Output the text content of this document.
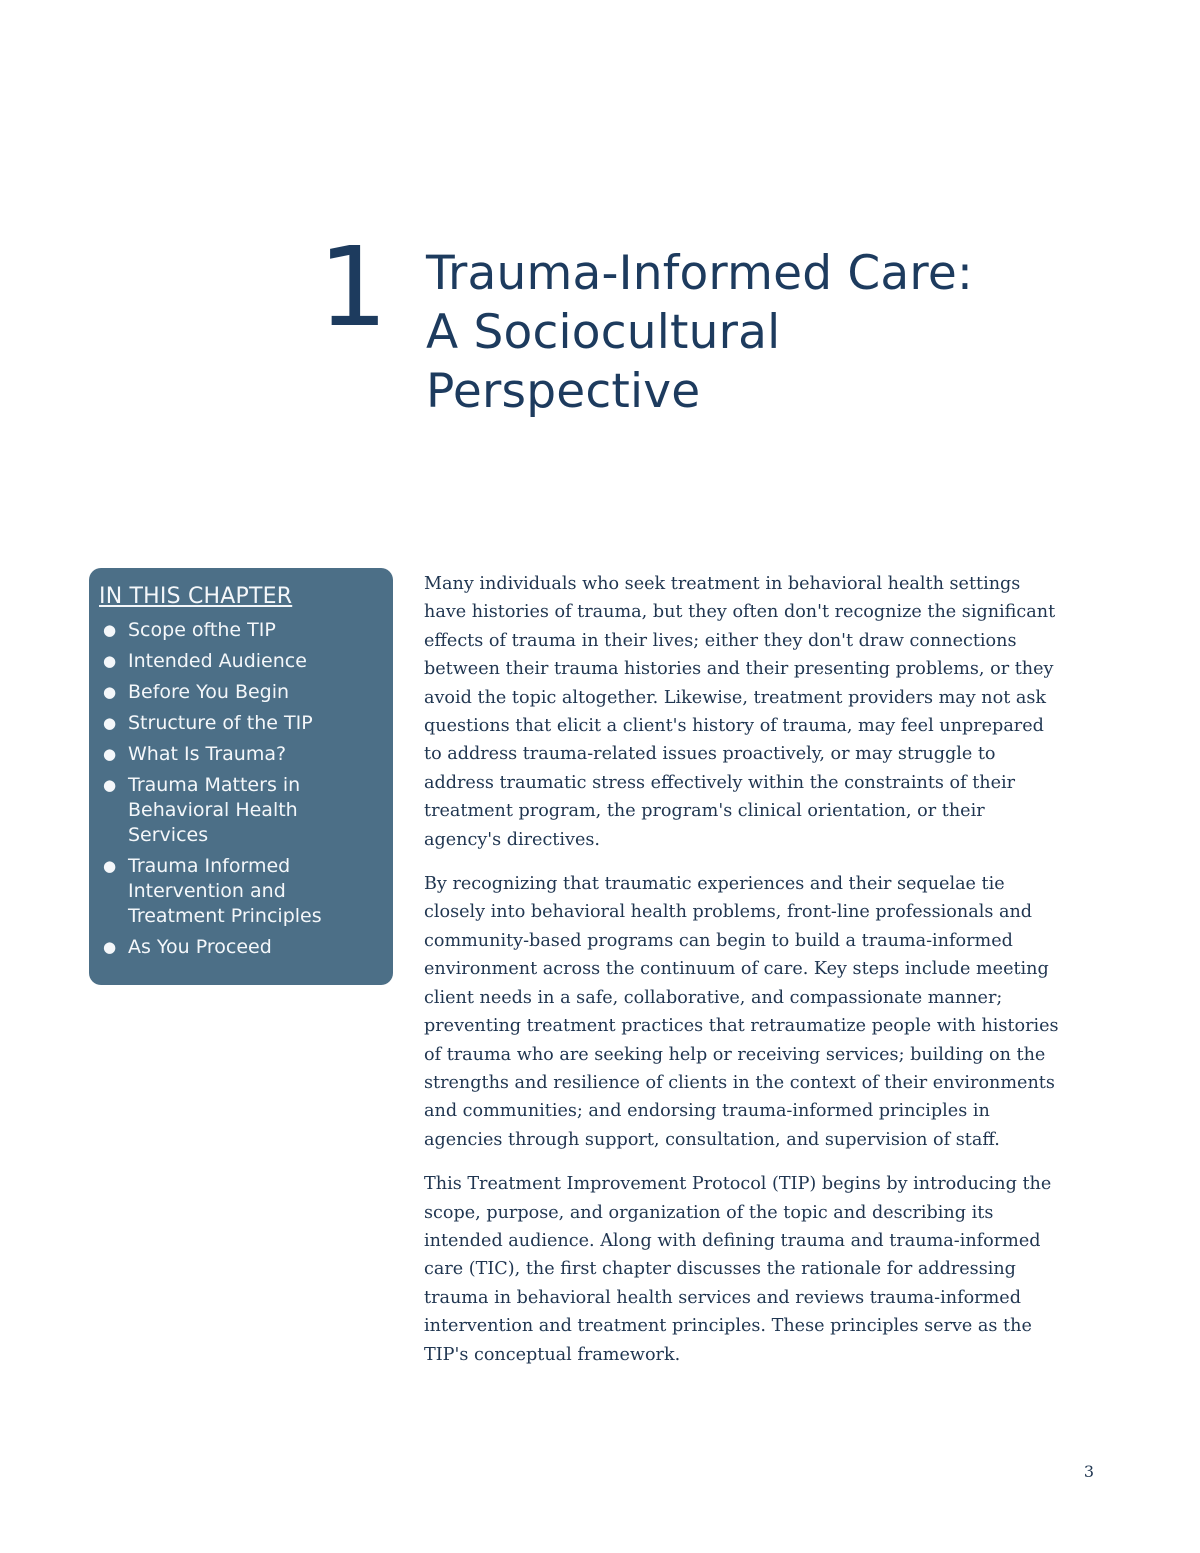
1 Trauma-Informed Care:
A Sociocultural
Perspective
IN THIS CHAPTER
● Scope ofthe TIP
● Intended Audience
● Before You Begin
● Structure of the TIP
● What Is Trauma?
● Trauma Matters in Behavioral Health Services
● Trauma Informed Intervention and Treatment Principles
● As You Proceed

Many individuals who seek treatment in behavioral health settings have histories of trauma, but they often don't recognize the significant effects of trauma in their lives; either they don't draw connections between their trauma histories and their presenting problems, or they avoid the topic altogether. Likewise, treatment providers may not ask questions that elicit a client's history of trauma, may feel unprepared to address trauma-related issues proactively, or may struggle to address traumatic stress effectively within the constraints of their treatment program, the program's clinical orientation, or their agency's directives.

By recognizing that traumatic experiences and their sequelae tie closely into behavioral health problems, front-line professionals and community-based programs can begin to build a trauma-informed environment across the continuum of care. Key steps include meeting client needs in a safe, collaborative, and compassionate manner; preventing treatment practices that retraumatize people with histories of trauma who are seeking help or receiving services; building on the strengths and resilience of clients in the context of their environments and communities; and endorsing trauma-informed principles in agencies through support, consultation, and supervision of staff.

This Treatment Improvement Protocol (TIP) begins by introducing the scope, purpose, and organization of the topic and describing its intended audience. Along with defining trauma and trauma-informed care (TIC), the first chapter discusses the rationale for addressing trauma in behavioral health services and reviews trauma-informed intervention and treatment principles. These principles serve as the TIP's conceptual framework.

3
